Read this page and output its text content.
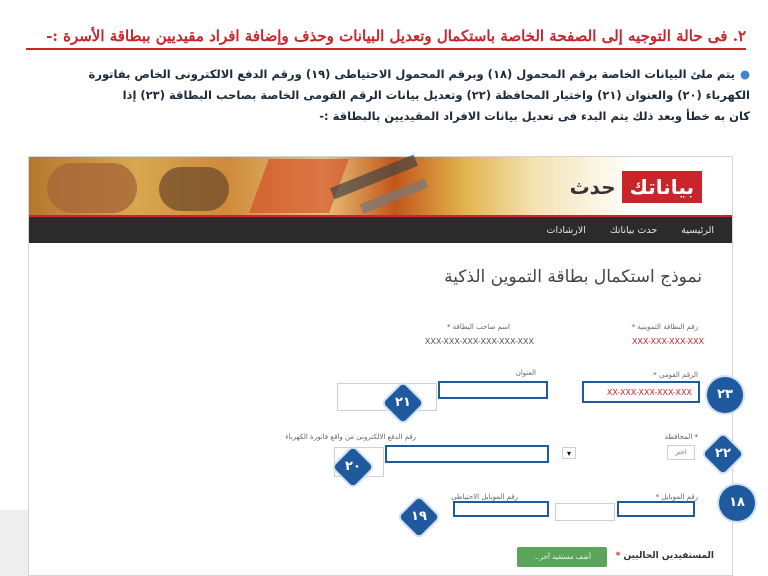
٢. فى حالة التوجيه إلى الصفحة الخاصة باستكمال وتعديل البيانات وحذف وإضافة افراد مقيديين ببطاقة الأسرة :-

●يتم ملئ البيانات الخاصة برقم المحمول (١٨) وبرقم المحمول الاحتياطى (١٩) ورقم الدفع الالكترونى الخاص بفاتورة

الكهرباء (٢٠) والعنوان (٢١) واختيار المحافظة (٢٢) وتعديل بيانات الرقم القومى الخاصة بصاحب البطاقة (٢٣) إذا

كان به خطأ وبعد ذلك يتم البدء فى تعديل بيانات الافراد المقيديين بالبطاقة :-

بياناتك
حدث
الرئيسية
حدث بياناتك
الارشادات
نموذج استكمال بطاقة التموين الذكية
رقم البطاقة التموينية *
XXX-XXX-XXX-XXX
اسم صاحب البطاقة *
XXX-XXX-XXX-XXX-XXX-XXX
الرقم القومى *
XX-XXX-XXX-XXX-XXX	٢٣
العنوان
٢١
* المحافظة
اختر	٢٢
▾
رقم الدفع الالكترونى من واقع فاتورة الكهرباء
٢٠
رقم الموبايل *	١٨
رقم الموبايل الاحتياطى
١٩
المستفيدين الحاليين *
أضف مستفيد آخر...
